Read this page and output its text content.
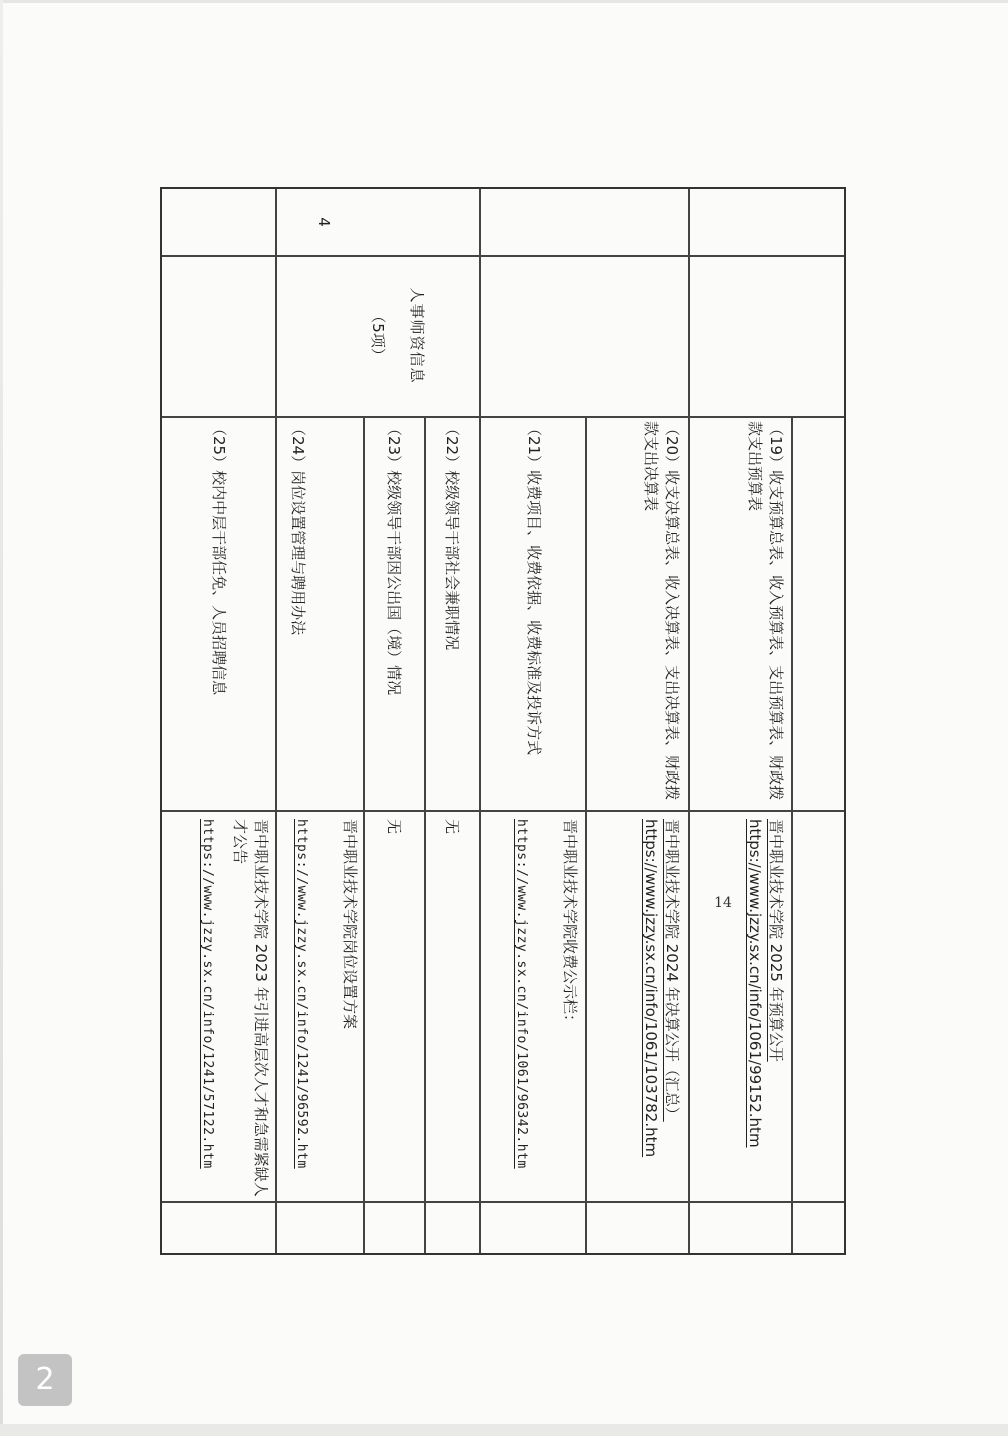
4
人事师资信息
（5项）
（19）收支预算总表、收入预算表、支出预算表、财政拨款支出预算表
（20）收支决算总表、收入决算表、支出决算表、财政拨款支出决算表
（21）收费项目、收费依据、收费标准及投诉方式
（22）校级领导干部社会兼职情况
（23）校级领导干部因公出国（境）情况
（24）岗位设置管理与聘用办法
（25）校内中层干部任免、人员招聘信息
晋中职业技术学院 2025 年预算公开
https://www.jzzy.sx.cn/info/1061/99152.htm
晋中职业技术学院 2024 年决算公开（汇总）
https://www.jzzy.sx.cn/info/1061/103782.htm
晋中职业技术学院收费公示栏：
https://www.jzzy.sx.cn/info/1061/96342.htm
无
无
晋中职业技术学院岗位设置方案
https://www.jzzy.sx.cn/info/1241/96592.htm
晋中职业技术学院 2023 年引进高层次人才和急需紧缺人才公告
https://www.jzzy.sx.cn/info/1241/57122.htm	14
2
